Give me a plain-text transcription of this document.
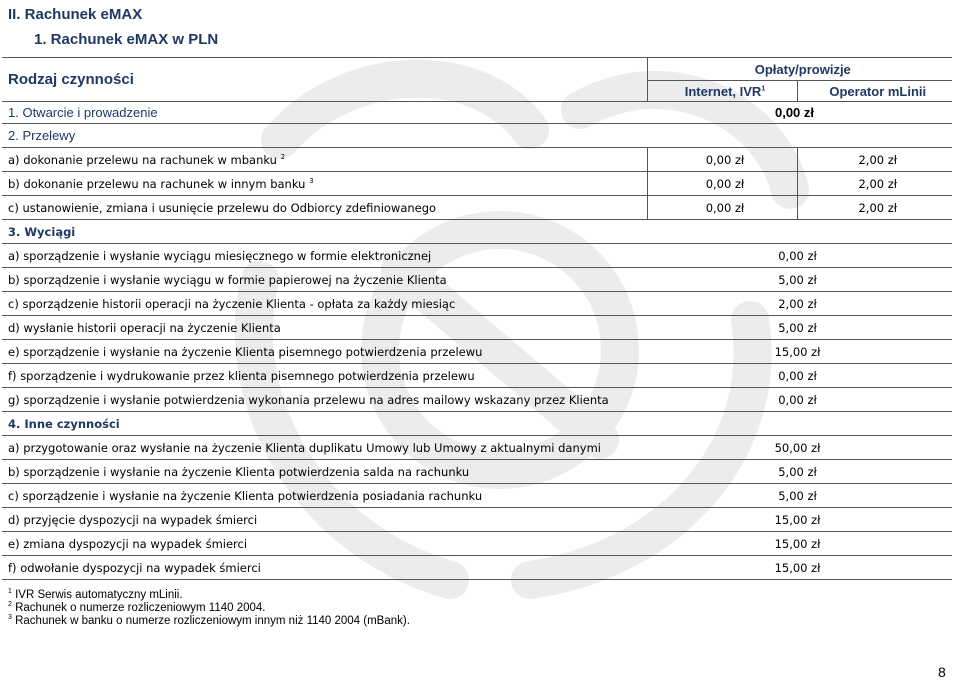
II. Rachunek eMAX
1. Rachunek eMAX w PLN
Rodzaj czynności	Opłaty/prowizje	
	Internet, IVR$^1$	Operator mLinii
1. Otwarcie i prowadzenie	0,00 zł	
2. Przelewy		
a) dokonanie przelewu na rachunek w mbanku $^2$	0,00 zł	2,00 zł
b) dokonanie przelewu na rachunek w innym banku $^3$	0,00 zł	2,00 zł
c) ustanowienie, zmiana i usunięcie przelewu do Odbiorcy zdefiniowanego	0,00 zł	2,00 zł
3. Wyciągi		
a) sporządzenie i wysłanie wyciągu miesięcznego w formie elektronicznej	0,00 zł	
b) sporządzenie i wysłanie wyciągu w formie papierowej na życzenie Klienta	5,00 zł	
c) sporządzenie historii operacji na życzenie Klienta - opłata za każdy miesiąc	2,00 zł	
d) wysłanie historii operacji na życzenie Klienta	5,00 zł	
e) sporządzenie i wysłanie na życzenie Klienta pisemnego potwierdzenia przelewu	15,00 zł	
f) sporządzenie i wydrukowanie przez klienta pisemnego potwierdzenia przelewu	0,00 zł	
g) sporządzenie i wysłanie potwierdzenia wykonania przelewu na adres mailowy wskazany przez Klienta	0,00 zł	
4. Inne czynności		
a) przygotowanie oraz wysłanie na życzenie Klienta duplikatu Umowy lub Umowy z aktualnymi danymi	50,00 zł	
b) sporządzenie i wysłanie na życzenie Klienta potwierdzenia salda na rachunku	5,00 zł	
c) sporządzenie i wysłanie na życzenie Klienta potwierdzenia posiadania rachunku	5,00 zł	
d) przyjęcie dyspozycji na wypadek śmierci	15,00 zł	
e) zmiana dyspozycji na wypadek śmierci	15,00 zł	
f) odwołanie dyspozycji na wypadek śmierci	15,00 zł	
$^1$ IVR Serwis automatyczny mLinii.
$^2$ Rachunek o numerze rozliczeniowym 1140 2004.
$^3$ Rachunek w banku o numerze rozliczeniowym innym niż 1140 2004 (mBank).
8
